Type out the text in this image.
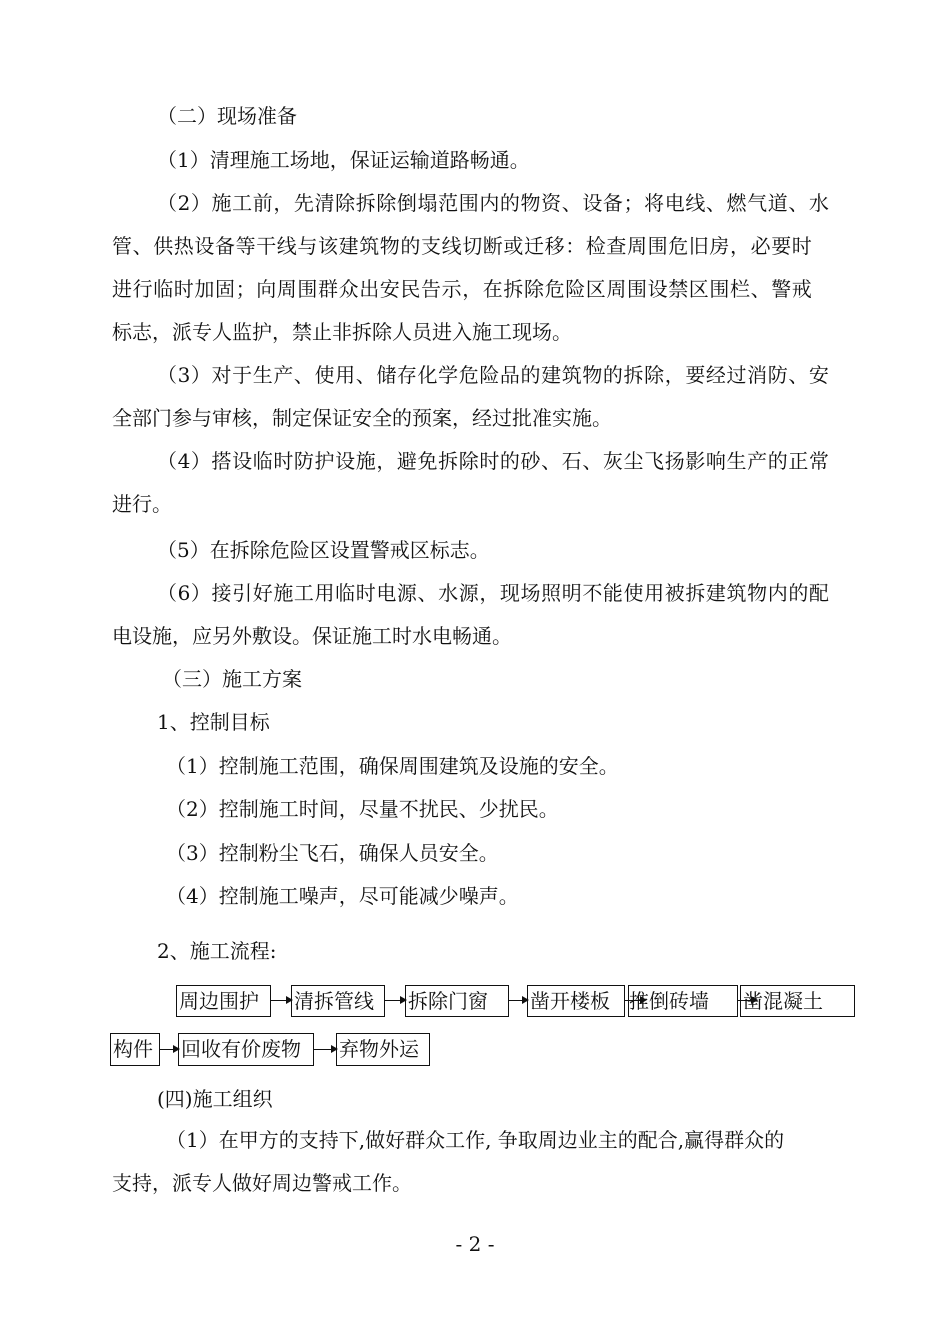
（二）现场准备
（1）清理施工场地，保证运输道路畅通。
（2）施工前，先清除拆除倒塌范围内的物资、设备；将电线、燃气道、水
管、供热设备等干线与该建筑物的支线切断或迁移：检查周围危旧房，必要时
进行临时加固；向周围群众出安民告示，在拆除危险区周围设禁区围栏、警戒
标志，派专人监护，禁止非拆除人员进入施工现场。
（3）对于生产、使用、储存化学危险品的建筑物的拆除，要经过消防、安
全部门参与审核，制定保证安全的预案，经过批准实施。
（4）搭设临时防护设施，避免拆除时的砂、石、灰尘飞扬影响生产的正常
进行。
（5）在拆除危险区设置警戒区标志。
（6）接引好施工用临时电源、水源，现场照明不能使用被拆建筑物内的配
电设施，应另外敷设。保证施工时水电畅通。
（三）施工方案
1、控制目标
（1）控制施工范围，确保周围建筑及设施的安全。
（2）控制施工时间，尽量不扰民、少扰民。
（3）控制粉尘飞石，确保人员安全。
（4）控制施工噪声，尽可能减少噪声。
2、施工流程:
周边围护	清拆管线	拆除门窗	凿开楼板 推倒砖墙	凿混凝土
构件	回收有价废物	弃物外运
(四)施工组织
（1）在甲方的支持下,做好群众工作, 争取周边业主的配合,赢得群众的
支持，派专人做好周边警戒工作。
- 2 -
